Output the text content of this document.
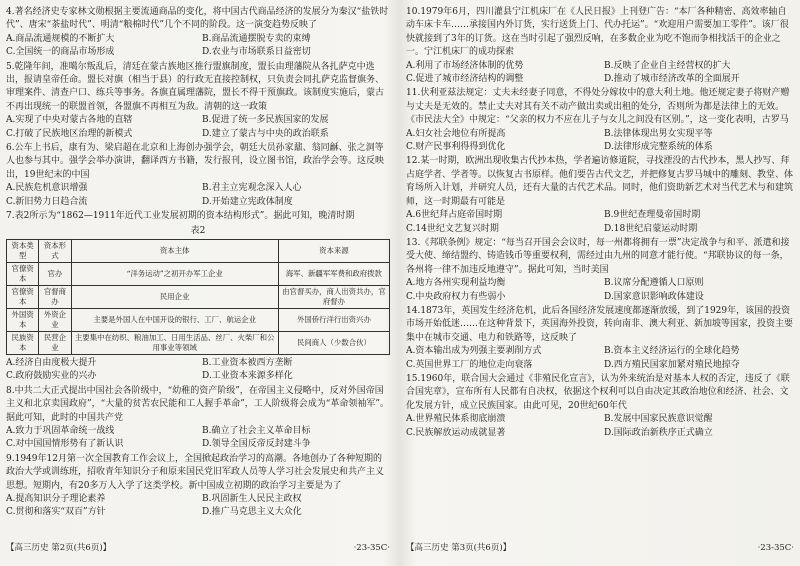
4.著名经济史专家林文勋根据主要流通商品的变化，将中国古代商品经济的发展分为秦汉“盐铁时代”、唐宋“茶盐时代”、明清“粮棉时代”几个不同的阶段。这一演变趋势反映了
A.商品流通规模的不断扩大	B.商品流通摆脱专卖的束缚
C.全国统一的商品市场形成	D.农业与市场联系日益密切
5.乾隆年间，准噶尔叛乱后，清廷在蒙古族地区推行盟旗制度，盟长由理藩院从各扎萨克中选出，报请皇帝任命。盟长对旗（相当于县）的行政无直接控制权，只负责会同扎萨克监督旗务、审理案件、清查户口、练兵等事务。各旗直属理藩院，盟长不得干预旗政。该制度实施后，蒙古不再出现统一的联盟首领，各盟旗不再相互为敌。清朝的这一政策
A.实现了中央对蒙古各地的直辖	B.促进了统一多民族国家的发展
C.打破了民族地区治理的新模式	D.建立了蒙古与中央的政治联系
6.公车上书后，康有为、梁启超在北京和上海创办强学会，朝廷大员孙家鼐、翁同龢、张之洞等人也参与其中。强学会举办演讲，翻译西方书籍，发行报刊，设立图书馆，政治学会等。这反映出，19世纪末的中国
A.民族危机意识增强	B.君主立宪观念深入人心
C.新旧势力日趋合流	D.开始建立宪政体制度
7.表2所示为“1862—1911年近代工业发展初期的资本结构形式”。据此可知，晚清时期
表2
资本类型	资本形式	资本主体	资本来源
官僚资本	官办	“洋务运动”之初开办军工企业	海军、新疆军军费和政府拨款
官僚资本	官督商办	民用企业	由官督买办，商人出资共办，官府督办
外国资本	外资企业	主要是外国人在中国开设的银行、工厂、航运企业	外国侨行洋行出资兴办
民族资本	民营企业	主要集中在纺织、粮油加工、日用生活品、丝厂、火柴厂和公用事业等领域	民间商人（少数合伙）
A.经济自由度极大提升	B.工业资本被西方垄断
C.政府鼓励实业的兴办	D.工业资本来源多样化
8.中共二大正式提出中国社会各阶级中，“幼稚的资产阶级”，在帝国主义侵略中，反对外国帝国主义和北京卖国政府”，“大量的贫苦农民能和工人握手革命”，工人阶级将会成为“革命领袖军”。据此可知，此时的中国共产党
A.致力于巩固革命统一战线	B.确立了社会主义革命目标
C.对中国国情形势有了新认识	D.领导全国反帝反封建斗争
9.1949年12月第一次全国教育工作会议上，全国掀起政治学习的高潮。各地创办了各种短期的政治大学或训练班，招收青年知识分子和原来国民党旧军政人员等人学习社会发展史和共产主义思想。短期内，有20多万人入学了这类学校。新中国成立初期的政治学习主要是为了
A.提高知识分子理论素养	B.巩固新生人民民主政权
C.贯彻和落实“双百”方针	D.推广马克思主义大众化
【高三历史 第2页(共6页)】	·23-35C·
10.1979年6月，四川灌县宁江机床厂在《人民日报》上刊登广告：“本厂各种精密、高效率轴自动车床卡车……承接国内外订货，实行送货上门、代办托运”。“欢迎用户需要加工零件”。该厂很快就接到了3年的订货。这在当时引起了强烈反响，在多数企业为吃不饱而争相找活干的企业之一。宁江机床厂的成功探索
A.利用了市场经济体制的优势	B.反映了企业自主经营权的扩大
C.促进了城市经济结构的调整	D.推动了城市经济改革的全面展开
11.伏利亚兹法规定：丈夫未经妻子同意，不得处分嫁妆中的意大利土地。他还规定妻子将财产赠与丈夫是无效的。禁止丈夫对其有关不动产做出卖或出租的处分，否则所为都是法律上的无效。《市民法大全》中规定：“父亲的权力不应在儿子与女儿之间没有区别。”，这一变化表明，古罗马
A.妇女社会地位有所提高	B.法律体现出男女实现平等
C.财产民事利得得到优化	D.法律形成完整系统的体系
12.某一时期，欧洲出现收集古代抄本热，学者遍访修道院，寻找湮没的古代抄本，黑人抄写、拜占庭学者、学者等。以恢复古书原样。他们要告古代文艺，并把修复古罗马城中的雕刻、教堂、体育场所入计划，并研究人员，还有大量的古代艺术品。同时，他们资助新艺术对当代艺术与和建筑师，这一时期最有可能是
A.6世纪拜占庭帝国时期	B.9世纪查理曼帝国时期
C.14世纪文艺复兴时期	D.18世纪启蒙运动时期
13.《邦联条例》规定：“每当召开国会会议时，每一州都将拥有一票”决定战争与和平、派遣和接受大使、缔结盟约、铸造钱币等重要权利，需经过由九州的同意才能行使。“邦联协议的每一条，各州将一律不加违反地遵守”。据此可知，当时美国
A.地方各州实现利益均衡	B.议席分配遵循人口原则
C.中央政府权力有些弱小	D.国家意识影响政体建设
14.1873年，英国发生经济危机，此后各国经济发展速度都逐渐放缓，到了1929年，该国的投资市场开始低迷……在这种背景下，英国海外投资，转向南非、澳大利亚、新加坡等国家，投资主要集中在城市交通、电力和铁路等，这反映了
A.资本输出成为列强主要剥削方式	B.资本主义经济运行的全球化趋势
C.英国世界工厂的地位走向衰落	D.西方殖民国家加紧对殖民地掠夺
15.1960年，联合国大会通过《非殖民化宣言》，认为外来统治是对基本人权的否定，违反了《联合国宪章》，宣布所有人民都有自决权，依据这个权利可以自由决定其政治地位和经济、社会、文化发展方针，成立民族国家。由此可见，20世纪60年代
A.世界殖民体系彻底崩溃	B.发展中国家民族意识觉醒
C.民族解放运动成就显著	D.国际政治新秩序正式确立
【高三历史 第3页(共6页)】	·23-35C·
